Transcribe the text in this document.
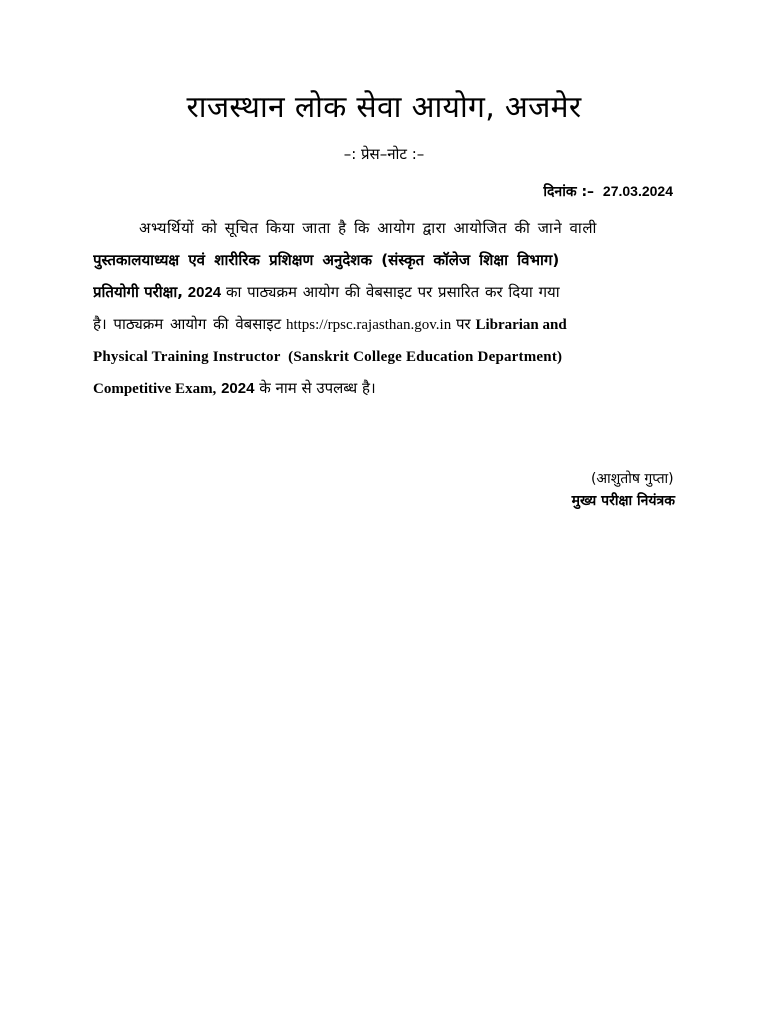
राजस्थान लोक सेवा आयोग, अजमेर
–: प्रेस–नोट :–
दिनांक :– 27.03.2024
अभ्यर्थियों को सूचित किया जाता है कि आयोग द्वारा आयोजित की जाने वाली
पुस्तकालयाध्यक्ष एवं शारीरिक प्रशिक्षण अनुदेशक (संस्कृत कॉलेज शिक्षा विभाग)
प्रतियोगी परीक्षा, 2024 का पाठ्यक्रम आयोग की वेबसाइट पर प्रसारित कर दिया गया
है। पाठ्यक्रम आयोग की वेबसाइट https://rpsc.rajasthan.gov.in पर Librarian and
Physical Training Instructor  (Sanskrit College Education Department)
Competitive Exam, 2024 के नाम से उपलब्ध है।
(आशुतोष गुप्ता)
मुख्य परीक्षा नियंत्रक
